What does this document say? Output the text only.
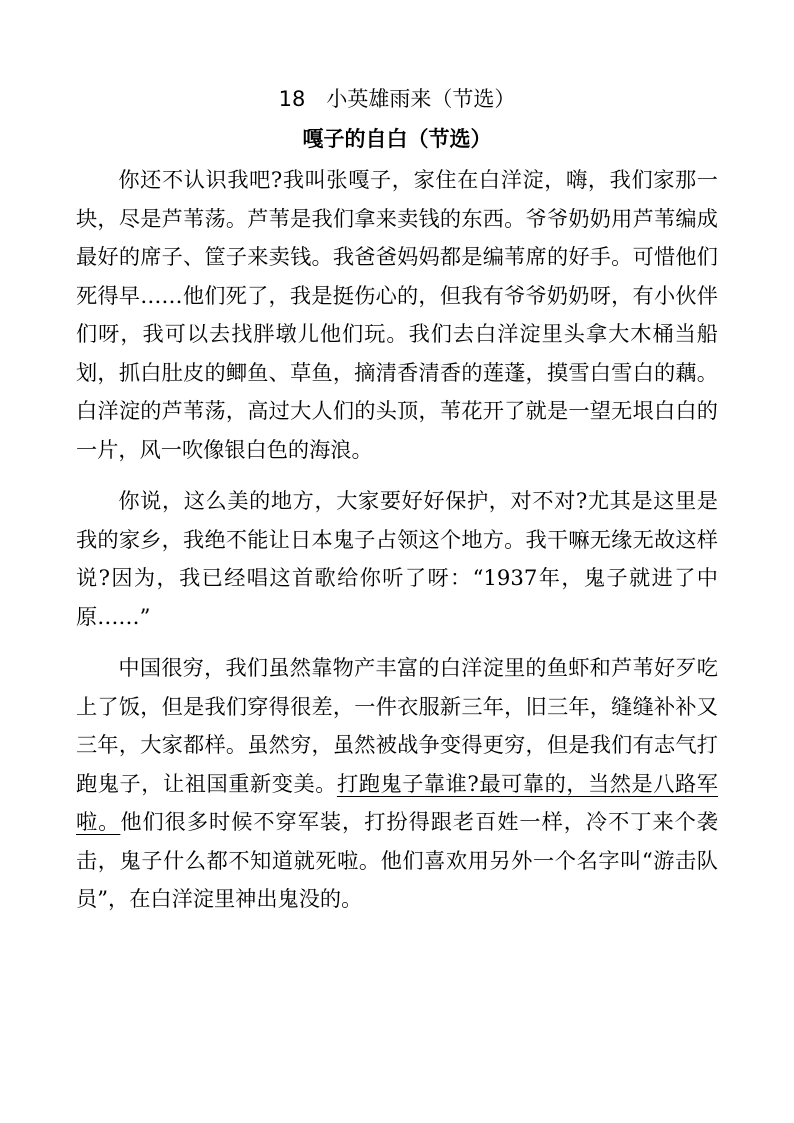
18　小英雄雨来（节选）
嘎子的自白（节选）

你还不认识我吧?我叫张嘎子，家住在白洋淀，嗨，我们家那一块，尽是芦苇荡。芦苇是我们拿来卖钱的东西。爷爷奶奶用芦苇编成最好的席子、筐子来卖钱。我爸爸妈妈都是编苇席的好手。可惜他们死得早……他们死了，我是挺伤心的，但我有爷爷奶奶呀，有小伙伴们呀，我可以去找胖墩儿他们玩。我们去白洋淀里头拿大木桶当船划，抓白肚皮的鲫鱼、草鱼，摘清香清香的莲蓬，摸雪白雪白的藕。白洋淀的芦苇荡，高过大人们的头顶，苇花开了就是一望无垠白白的一片，风一吹像银白色的海浪。

你说，这么美的地方，大家要好好保护，对不对?尤其是这里是我的家乡，我绝不能让日本鬼子占领这个地方。我干嘛无缘无故这样说?因为，我已经唱这首歌给你听了呀：“1937年，鬼子就进了中原……”

中国很穷，我们虽然靠物产丰富的白洋淀里的鱼虾和芦苇好歹吃上了饭，但是我们穿得很差，一件衣服新三年，旧三年，缝缝补补又三年，大家都样。虽然穷，虽然被战争变得更穷，但是我们有志气打跑鬼子，让祖国重新变美。打跑鬼子靠谁?最可靠的，当然是八路军啦。他们很多时候不穿军装，打扮得跟老百姓一样，冷不丁来个袭击，鬼子什么都不知道就死啦。他们喜欢用另外一个名字叫“游击队员”，在白洋淀里神出鬼没的。
